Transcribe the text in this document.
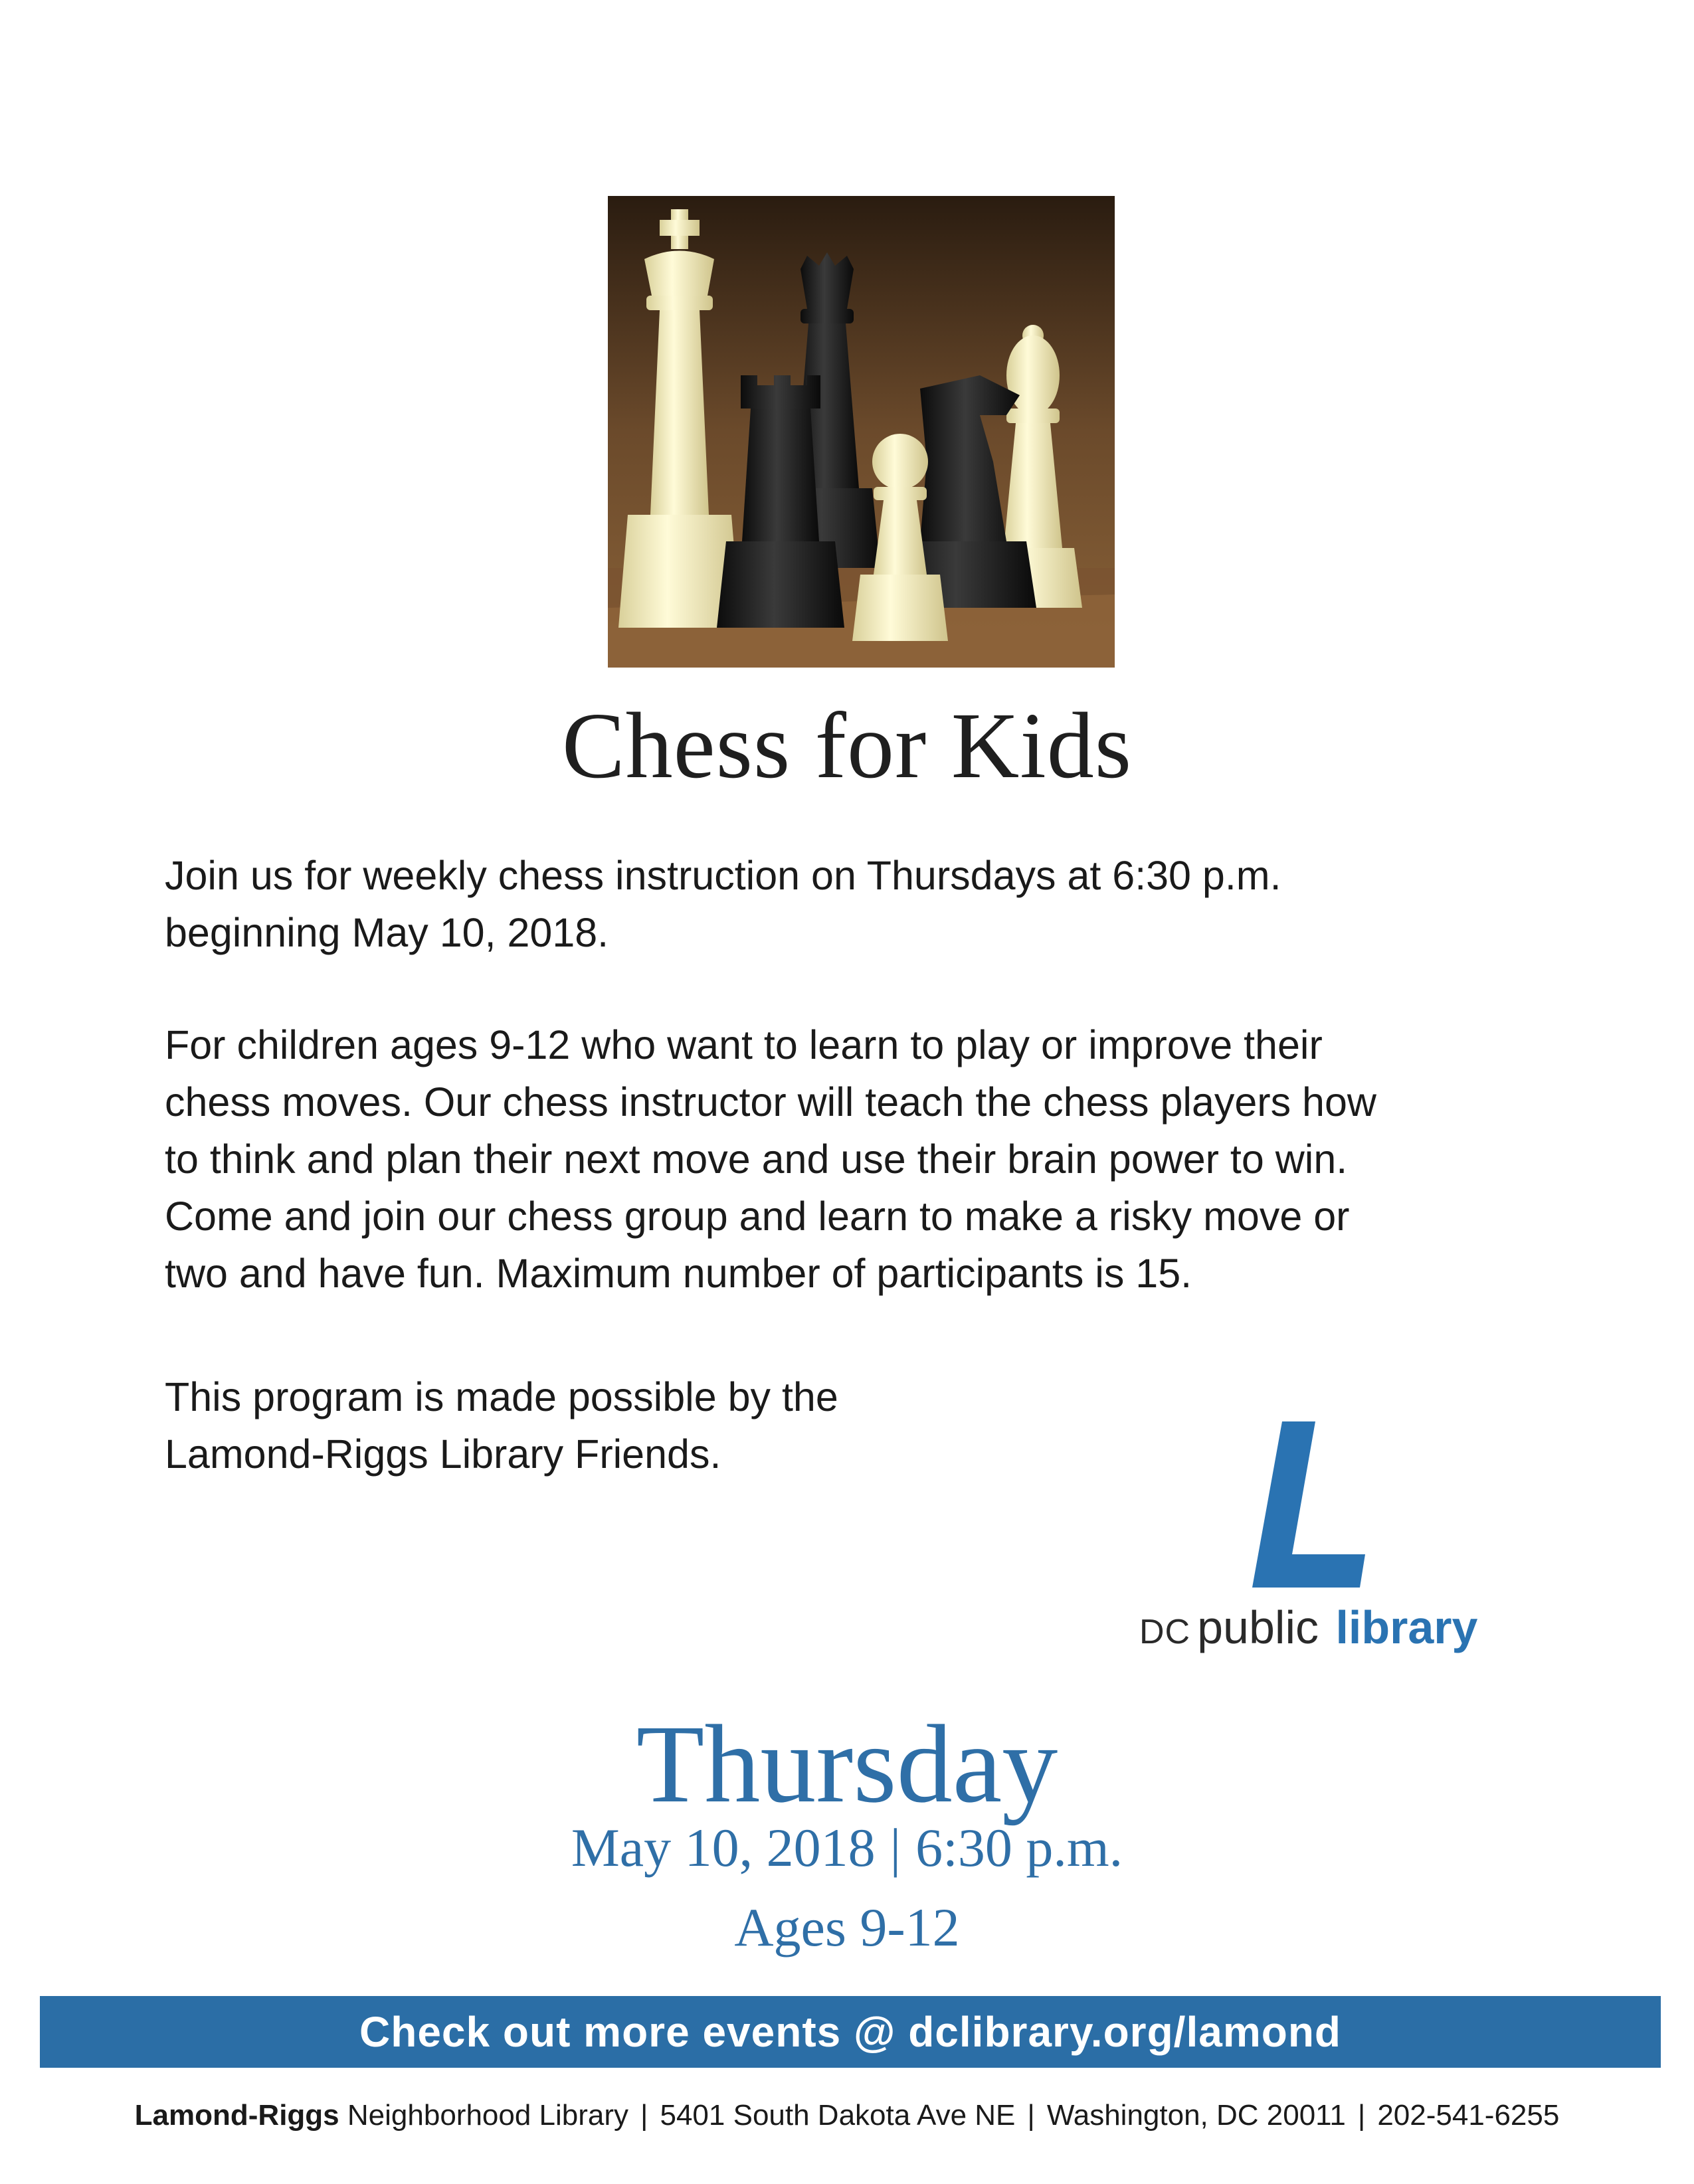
Chess for Kids

Join us for weekly chess instruction on Thursdays at 6:30 p.m.
beginning May 10, 2018.

For children ages 9-12 who want to learn to play or improve their
chess moves. Our chess instructor will teach the chess players how
to think and plan their next move and use their brain power to win.
Come and join our chess group and learn to make a risky move or
two and have fun. Maximum number of participants is 15.

This program is made possible by the
Lamond-Riggs Library Friends.

DC public library
Thursday
May 10, 2018 | 6:30 p.m.
Ages 9-12
Check out more events @ dclibrary.org/lamond
Lamond-Riggs Neighborhood Library | 5401 South Dakota Ave NE | Washington, DC 20011 | 202-541-6255
